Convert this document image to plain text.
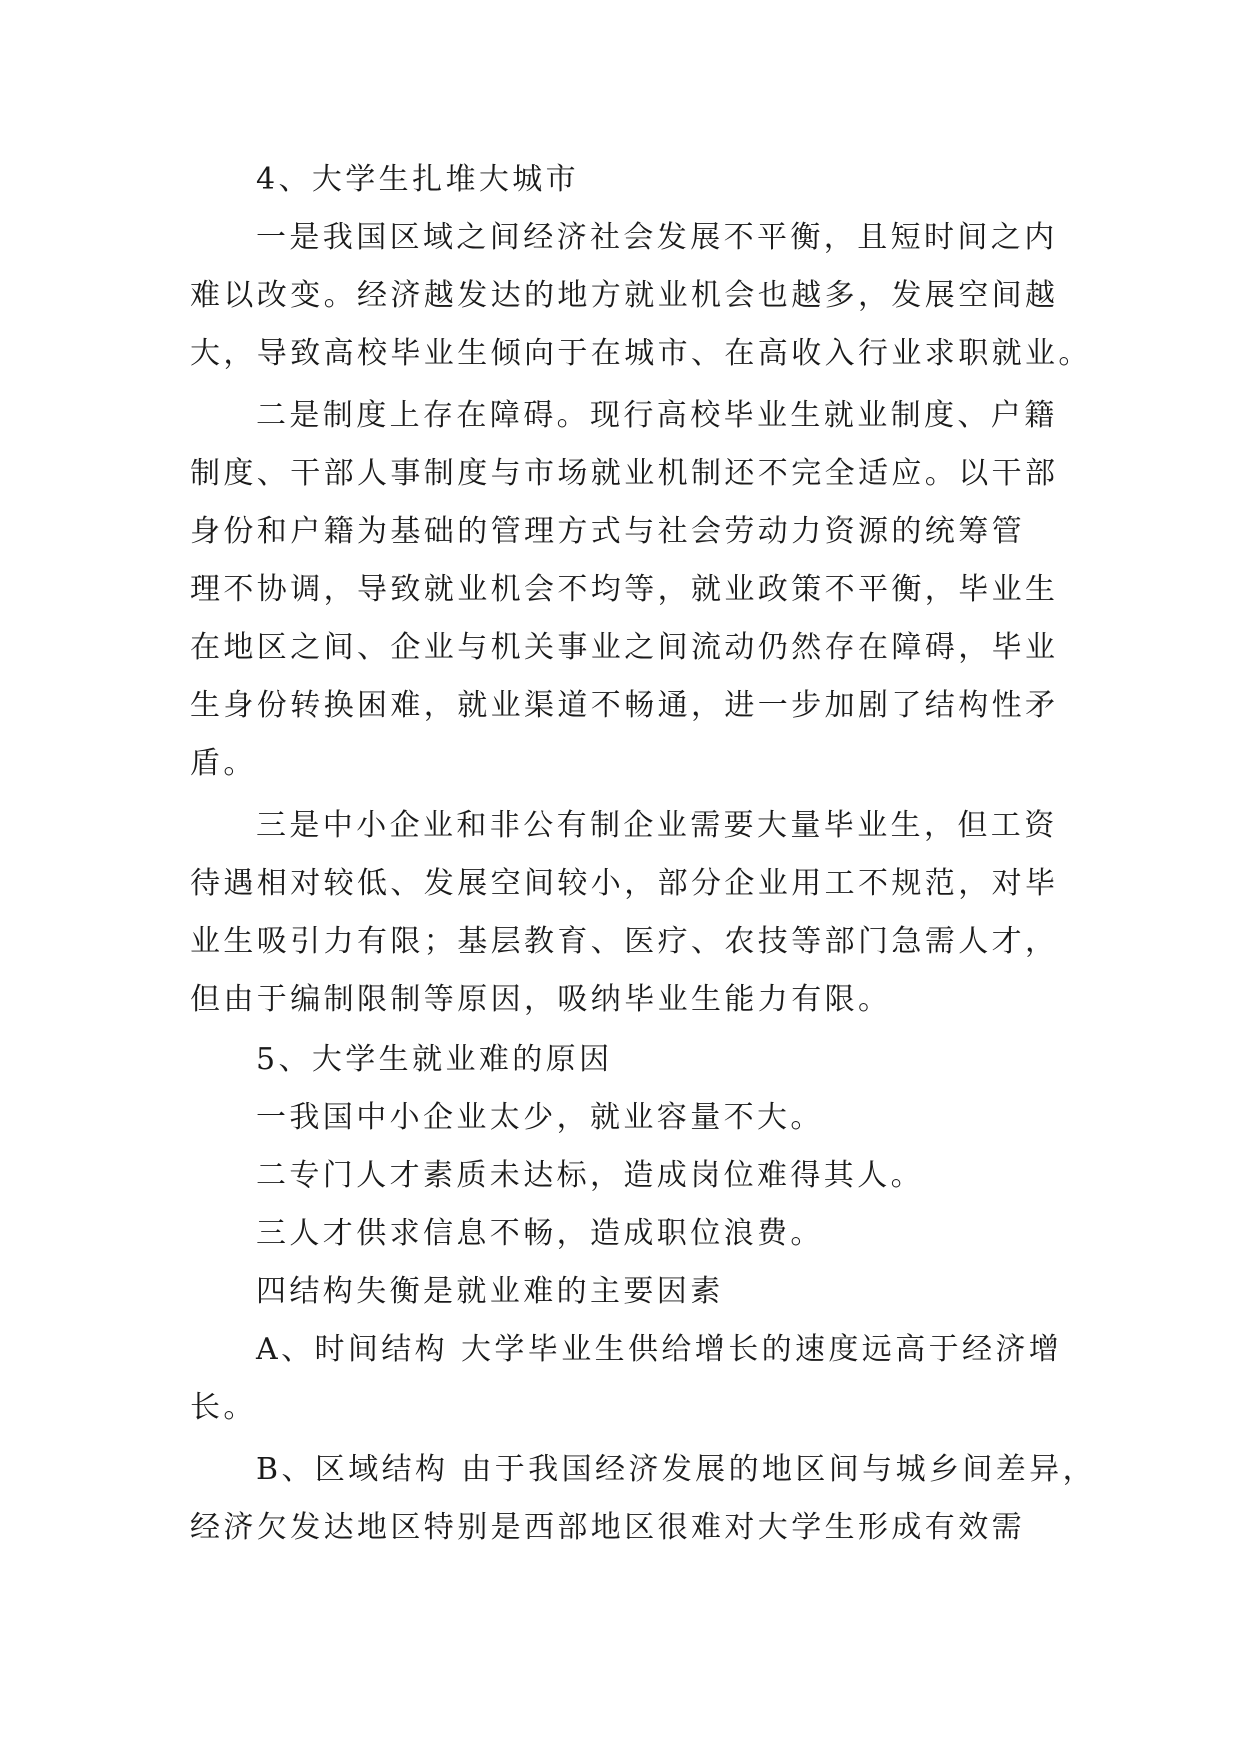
4、大学生扎堆大城市
一是我国区域之间经济社会发展不平衡，且短时间之内
难以改变。经济越发达的地方就业机会也越多，发展空间越
大，导致高校毕业生倾向于在城市、在高收入行业求职就业。
二是制度上存在障碍。现行高校毕业生就业制度、户籍
制度、干部人事制度与市场就业机制还不完全适应。以干部
身份和户籍为基础的管理方式与社会劳动力资源的统筹管
理不协调，导致就业机会不均等，就业政策不平衡，毕业生
在地区之间、企业与机关事业之间流动仍然存在障碍，毕业
生身份转换困难，就业渠道不畅通，进一步加剧了结构性矛
盾。
三是中小企业和非公有制企业需要大量毕业生，但工资
待遇相对较低、发展空间较小，部分企业用工不规范，对毕
业生吸引力有限；基层教育、医疗、农技等部门急需人才，
但由于编制限制等原因，吸纳毕业生能力有限。
5、大学生就业难的原因
一我国中小企业太少，就业容量不大。
二专门人才素质未达标，造成岗位难得其人。
三人才供求信息不畅，造成职位浪费。
四结构失衡是就业难的主要因素
A、时间结构 大学毕业生供给增长的速度远高于经济增
长。
B、区域结构 由于我国经济发展的地区间与城乡间差异，
经济欠发达地区特别是西部地区很难对大学生形成有效需
